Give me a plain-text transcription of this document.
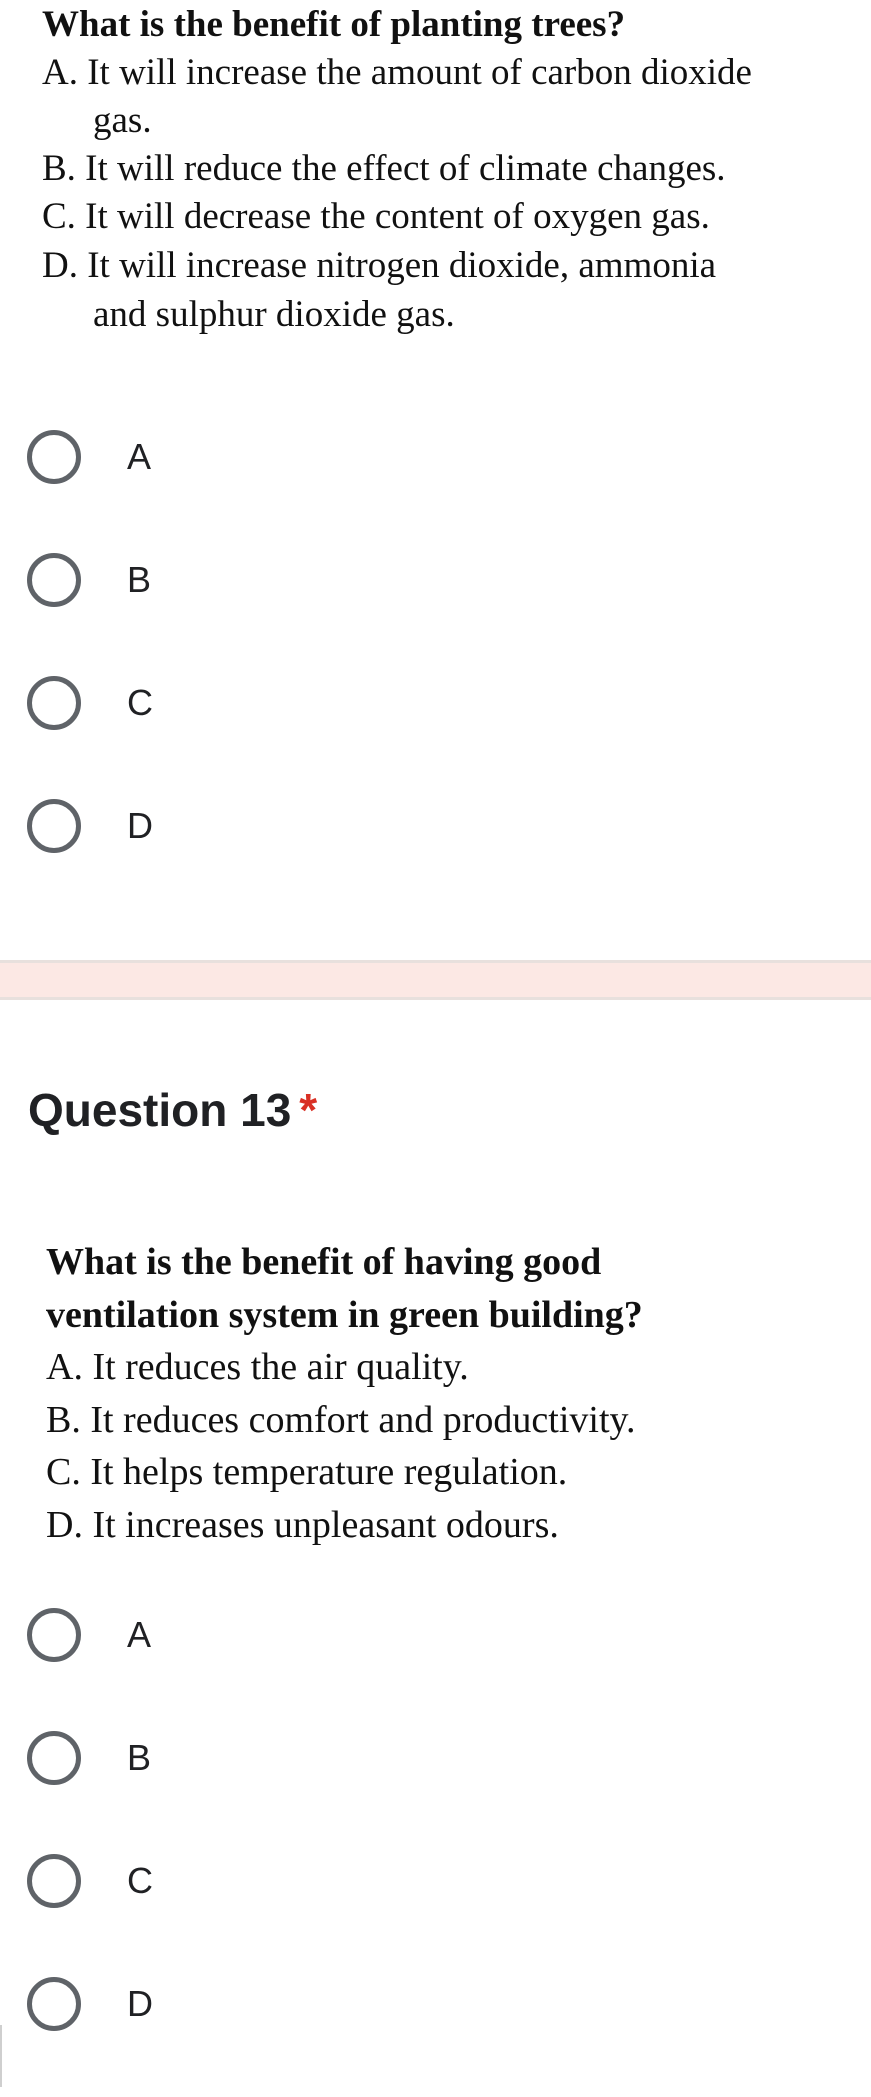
What is the benefit of planting trees?

A. It will increase the amount of carbon dioxide

gas.

B. It will reduce the effect of climate changes.

C. It will decrease the content of oxygen gas.

D. It will increase nitrogen dioxide, ammonia

and sulphur dioxide gas.

A
B
C
D
Question 13 *

What is the benefit of having good

ventilation system in green building?

A. It reduces the air quality.

B. It reduces comfort and productivity.

C. It helps temperature regulation.

D. It increases unpleasant odours.

A
B
C
D
